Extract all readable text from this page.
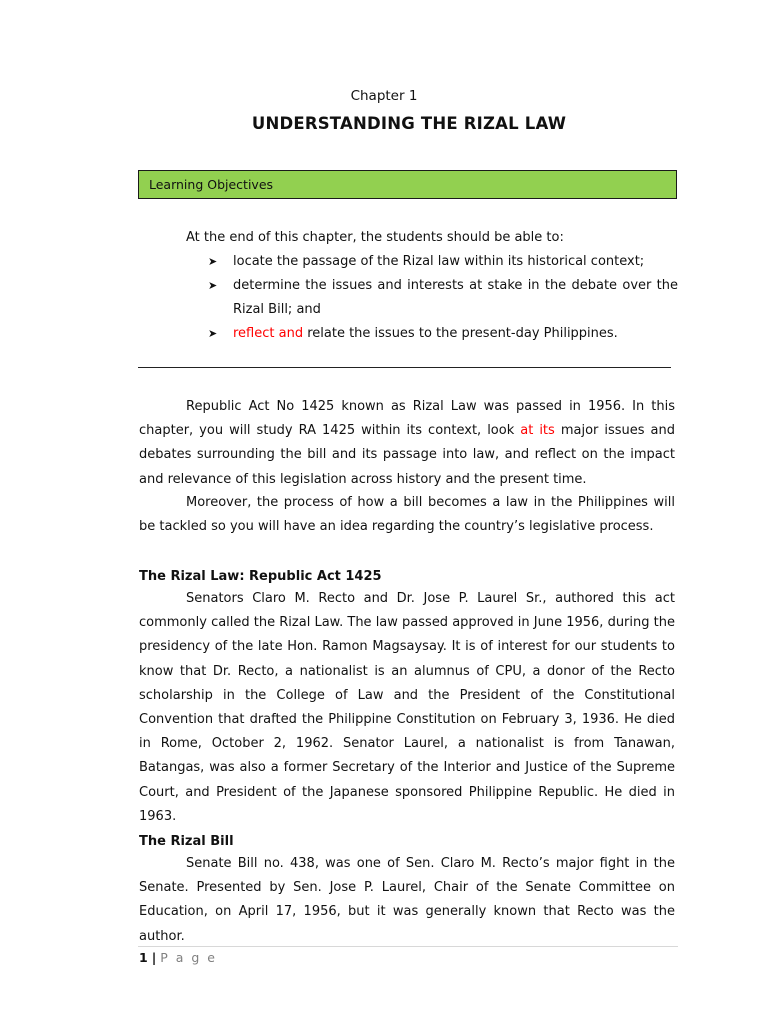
Chapter 1
UNDERSTANDING THE RIZAL LAW
Learning Objectives
At the end of this chapter, the students should be able to:
➤ locate the passage of the Rizal law within its historical context;
➤ determine the issues and interests at stake in the debate over the Rizal Bill; and
➤ reflect and relate the issues to the present-day Philippines.
Republic Act No 1425 known as Rizal Law was passed in 1956. In this chapter, you will study RA 1425 within its context, look at its major issues and debates surrounding the bill and its passage into law, and reflect on the impact and relevance of this legislation across history and the present time.
Moreover, the process of how a bill becomes a law in the Philippines will be tackled so you will have an idea regarding the country’s legislative process.
The Rizal Law: Republic Act 1425
Senators Claro M. Recto and Dr. Jose P. Laurel Sr., authored this act commonly called the Rizal Law. The law passed approved in June 1956, during the presidency of the late Hon. Ramon Magsaysay. It is of interest for our students to know that Dr. Recto, a nationalist is an alumnus of CPU, a donor of the Recto scholarship in the College of Law and the President of the Constitutional Convention that drafted the Philippine Constitution on February 3, 1936. He died in Rome, October 2, 1962. Senator Laurel, a nationalist is from Tanawan, Batangas, was also a former Secretary of the Interior and Justice of the Supreme Court, and President of the Japanese sponsored Philippine Republic. He died in 1963.
The Rizal Bill
Senate Bill no. 438, was one of Sen. Claro M. Recto’s major fight in the Senate. Presented by Sen. Jose P. Laurel, Chair of the Senate Committee on Education, on April 17, 1956, but it was generally known that Recto was the author.
1 | P a g e
